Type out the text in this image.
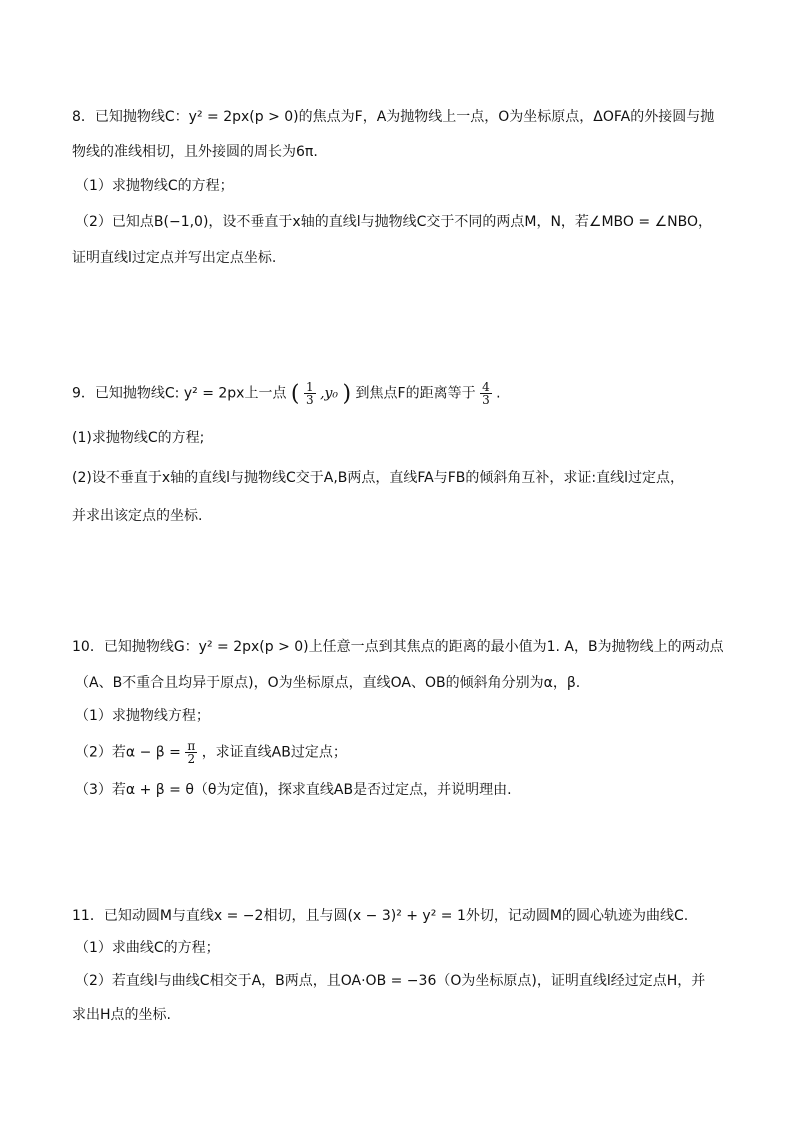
8．已知抛物线C：y² = 2px(p > 0)的焦点为F，A为抛物线上一点，O为坐标原点，ΔOFA的外接圆与抛
物线的准线相切，且外接圆的周长为6π.
（1）求抛物线C的方程；
（2）已知点B(−1,0)，设不垂直于x轴的直线l与抛物线C交于不同的两点M，N，若∠MBO = ∠NBO，
证明直线l过定点并写出定点坐标.
9．已知抛物线C: y² = 2px上一点 ( $\frac{1}{3} ,y_0$ ) 到焦点F的距离等于 $\frac{4}{3}$ .
(1)求抛物线C的方程;
(2)设不垂直于x轴的直线l与抛物线C交于A,B两点，直线FA与FB的倾斜角互补，求证:直线l过定点，
并求出该定点的坐标.
10．已知抛物线G：y² = 2px(p > 0)上任意一点到其焦点的距离的最小值为1. A，B为抛物线上的两动点
（A、B不重合且均异于原点)，O为坐标原点，直线OA、OB的倾斜角分别为α，β.
（1）求抛物线方程；
（2）若$\alpha - \beta = \frac{\pi}{2}$ ，求证直线AB过定点；
（3）若α + β = θ（θ为定值)，探求直线AB是否过定点，并说明理由.
11．已知动圆M与直线x = −2相切，且与圆(x − 3)² + y² = 1外切，记动圆M的圆心轨迹为曲线C.
（1）求曲线C的方程；
（2）若直线l与曲线C相交于A，B两点，且OA·OB = −36（O为坐标原点)，证明直线l经过定点H，并
求出H点的坐标.
